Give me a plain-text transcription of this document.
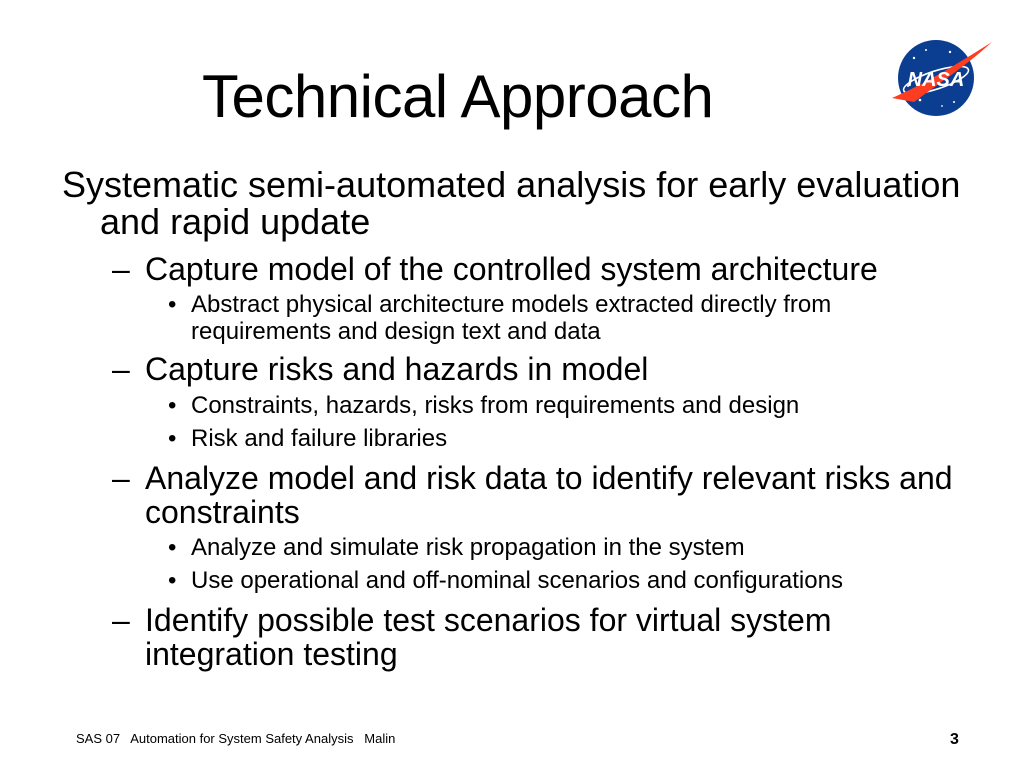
Technical Approach	NASA
Systematic semi-automated analysis for early evaluation and rapid update
– Capture model of the controlled system architecture
• Abstract physical architecture models extracted directly from requirements and design text and data
– Capture risks and hazards in model
• Constraints, hazards, risks from requirements and design
• Risk and failure libraries
– Analyze model and risk data to identify relevant risks and constraints
• Analyze and simulate risk propagation in the system
• Use operational and off-nominal scenarios and configurations
– Identify possible test scenarios for virtual system integration testing
SAS 07   Automation for System Safety Analysis   Malin	3
